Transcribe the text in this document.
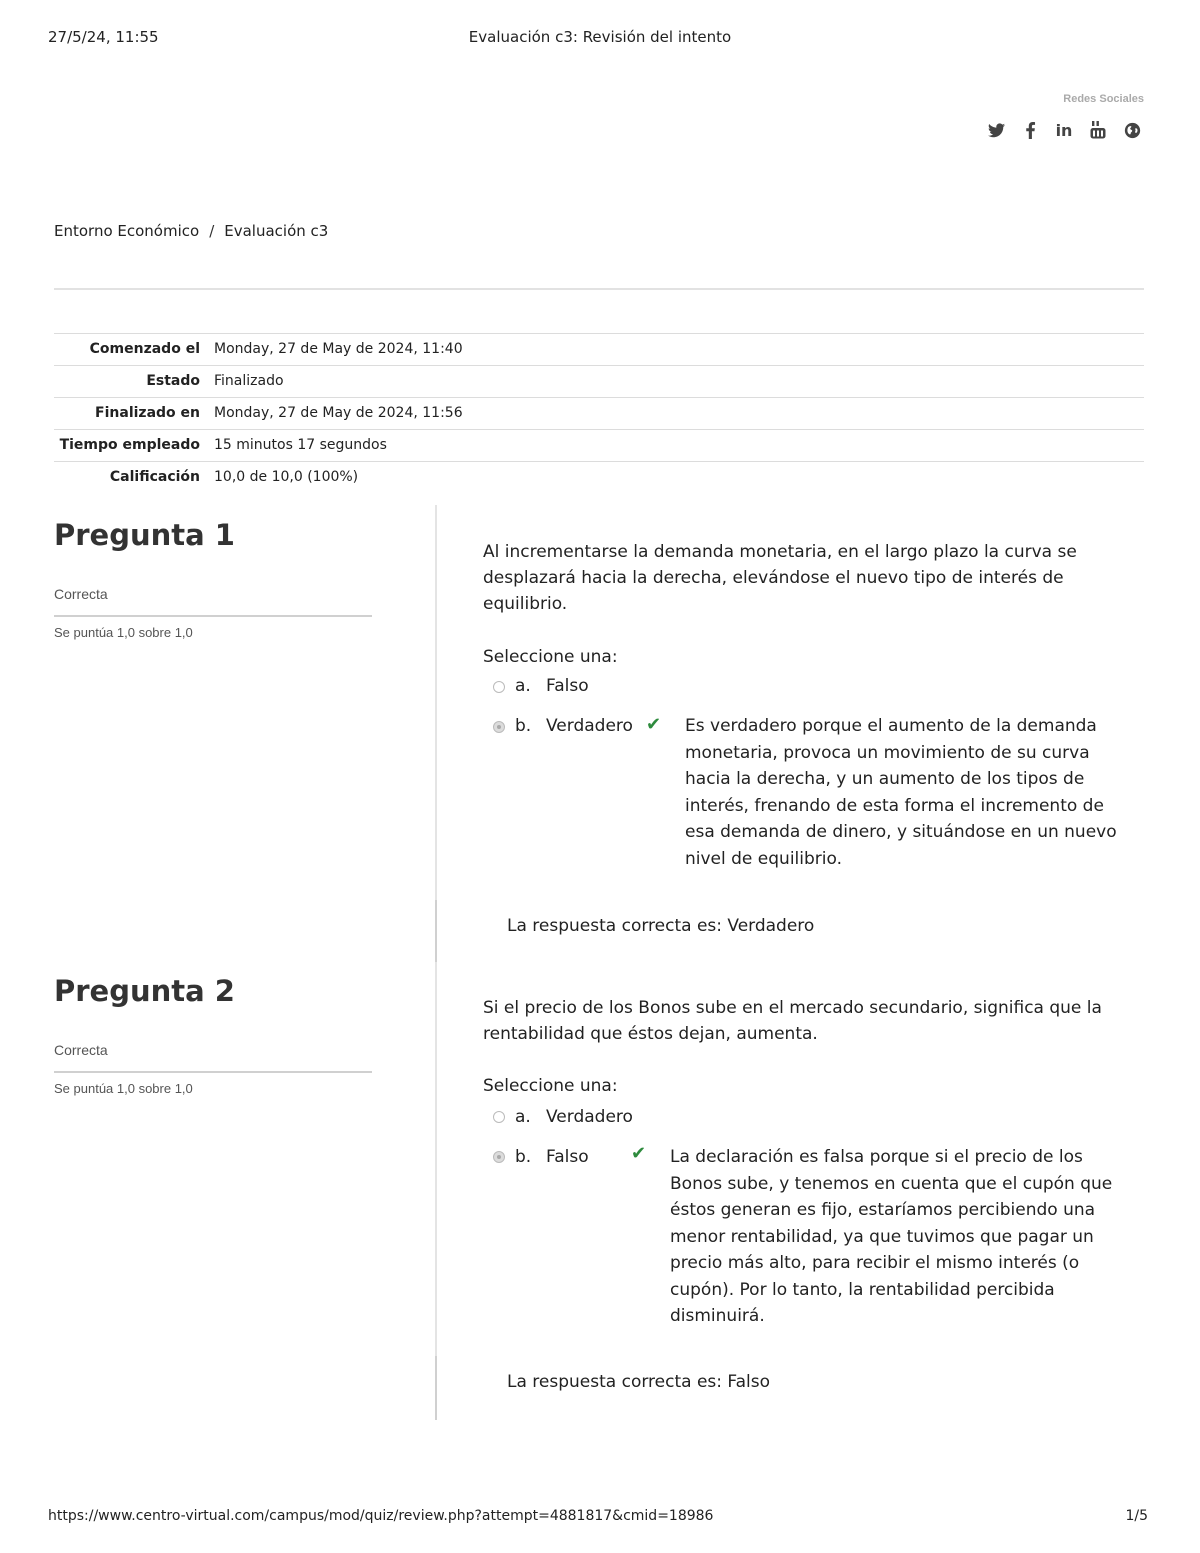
27/5/24, 11:55	Evaluación c3: Revisión del intento
Redes Sociales
in
Entorno Económico / Evaluación c3
Comenzado el	Monday, 27 de May de 2024, 11:40
Estado	Finalizado
Finalizado en	Monday, 27 de May de 2024, 11:56
Tiempo empleado	15 minutos 17 segundos
Calificación	10,0 de 10,0 (100%)
Pregunta 1
Correcta
Se puntúa 1,0 sobre 1,0
Al incrementarse la demanda monetaria, en el largo plazo la curva se
desplazará hacia la derecha, elevándose el nuevo tipo de interés de
equilibrio.
Seleccione una:
a. Falso
b. Verdadero ✔ Es verdadero porque el aumento de la demanda
monetaria, provoca un movimiento de su curva
hacia la derecha, y un aumento de los tipos de
interés, frenando de esta forma el incremento de
esa demanda de dinero, y situándose en un nuevo
nivel de equilibrio.
La respuesta correcta es: Verdadero
Pregunta 2
Correcta
Se puntúa 1,0 sobre 1,0
Si el precio de los Bonos sube en el mercado secundario, significa que la
rentabilidad que éstos dejan, aumenta.
Seleccione una:
a. Verdadero
b. Falso ✔ La declaración es falsa porque si el precio de los
Bonos sube, y tenemos en cuenta que el cupón que
éstos generan es fijo, estaríamos percibiendo una
menor rentabilidad, ya que tuvimos que pagar un
precio más alto, para recibir el mismo interés (o
cupón). Por lo tanto, la rentabilidad percibida
disminuirá.
La respuesta correcta es: Falso
https://www.centro-virtual.com/campus/mod/quiz/review.php?attempt=4881817&cmid=18986	1/5
